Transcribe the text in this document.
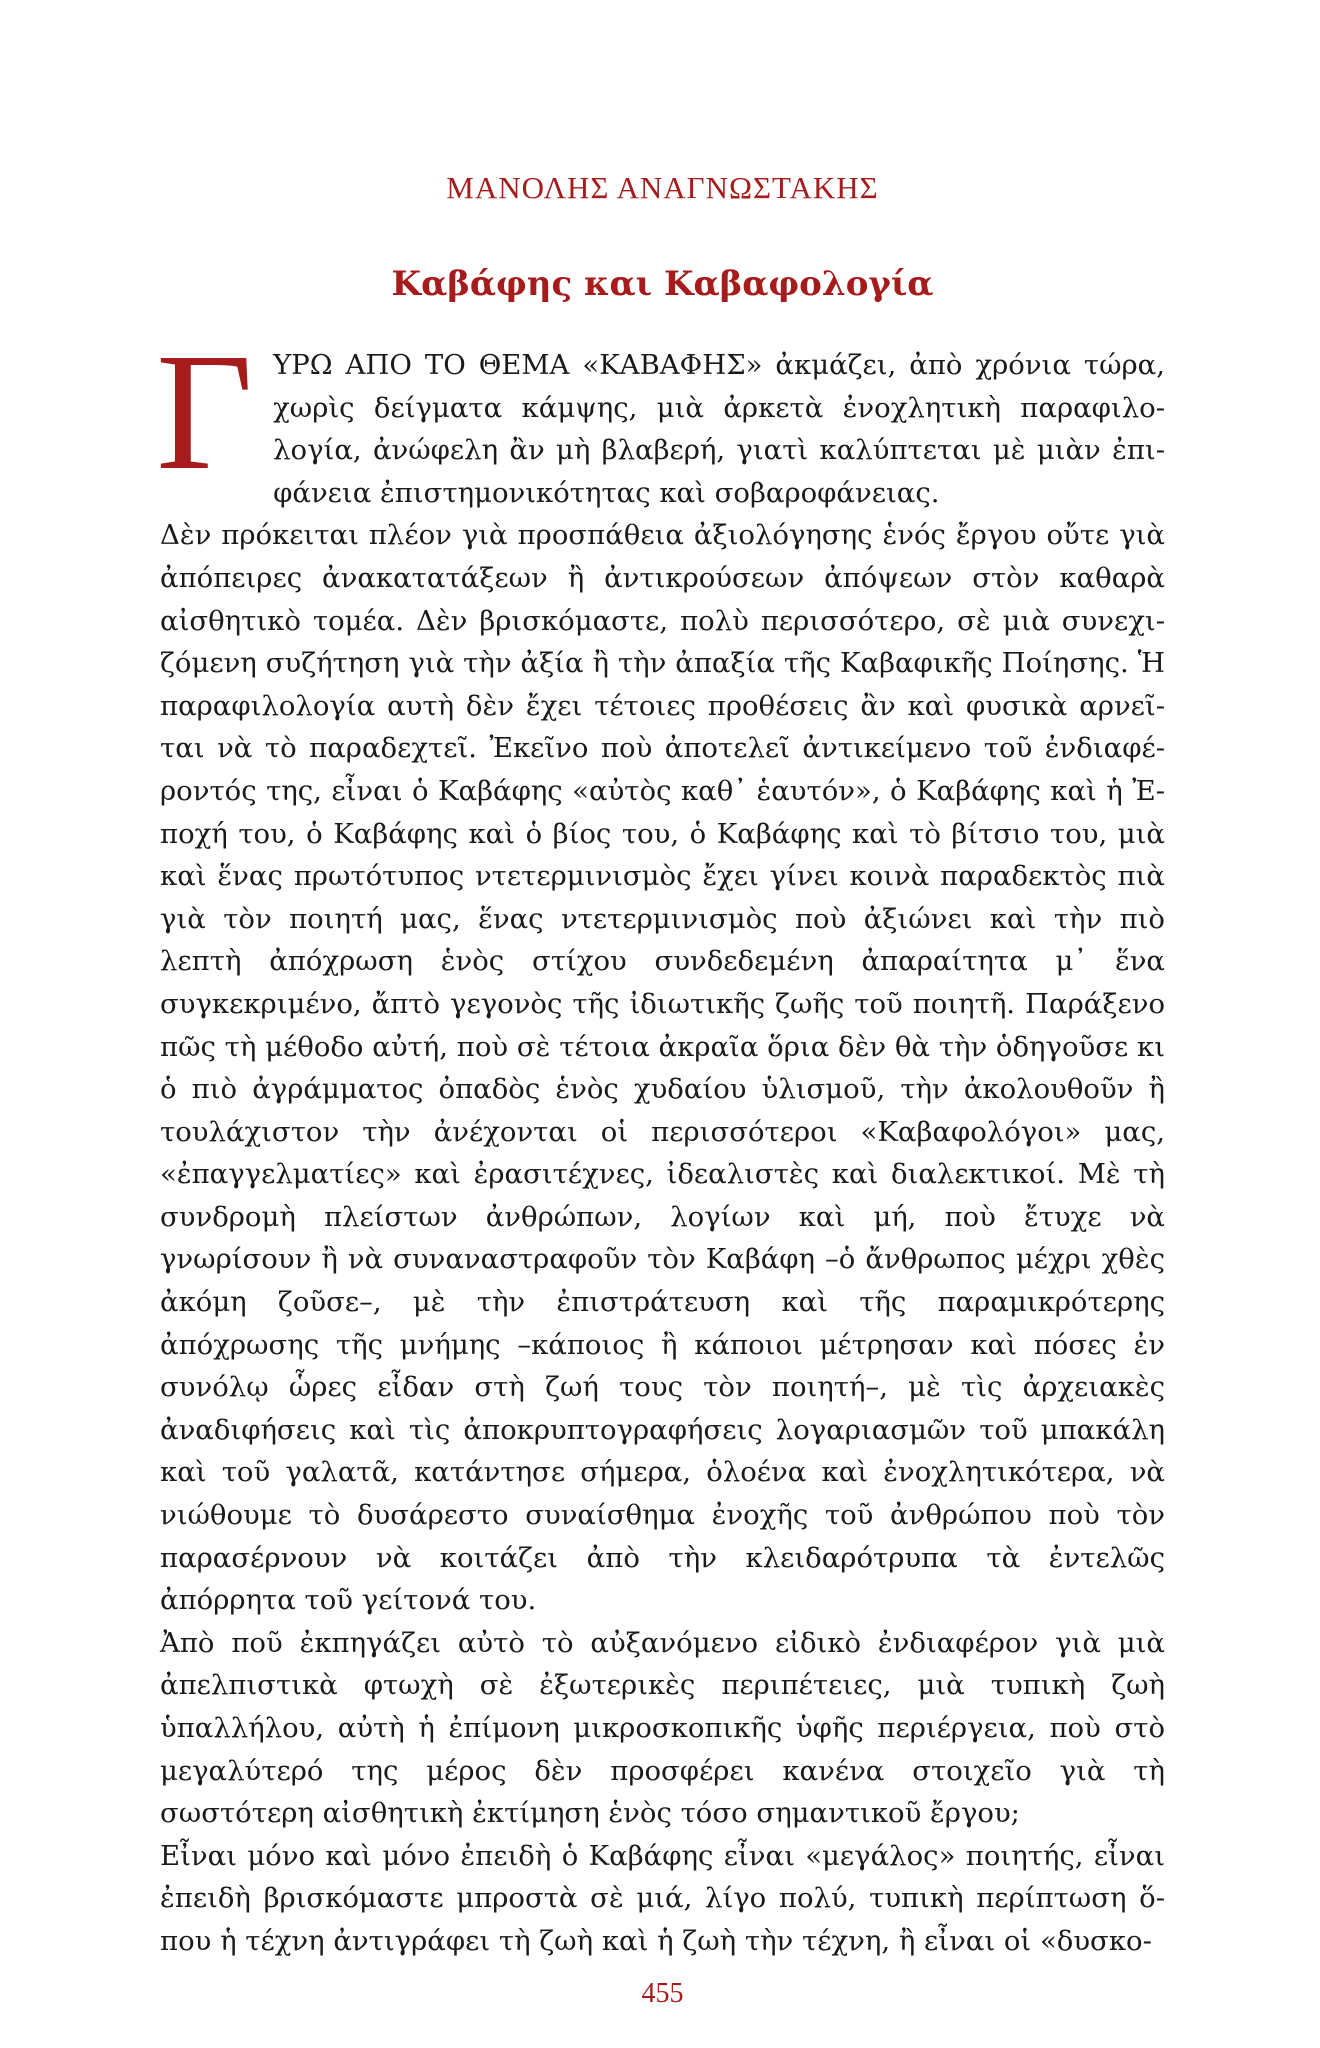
ΜΑΝΟΛΗΣ ΑΝΑΓΝΩΣΤΑΚΗΣ
Καβάφης και Καβαφολογία

ΓΥΡΩ ΑΠΟ ΤΟ ΘΕΜΑ «ΚΑΒΑΦΗΣ» ἀκμάζει, ἀπὸ χρόνια τώρα, χωρὶς δείγματα κάμψης, μιὰ ἀρκετὰ ἐνοχλητικὴ παραφιλολογία, ἀνώφελη ἂν μὴ βλαβερή, γιατὶ καλύπτεται μὲ μιὰν ἐπιφάνεια ἐπιστημονικότητας καὶ σοβαροφάνειας.

Δὲν πρόκειται πλέον γιὰ προσπάθεια ἀξιολόγησης ἑνός ἔργου οὔτε γιὰ ἀπόπειρες ἀνακατατάξεων ἢ ἀντικρούσεων ἀπόψεων στὸν καθαρὰ αἰσθητικὸ τομέα. Δὲν βρισκόμαστε, πολὺ περισσότερο, σὲ μιὰ συνεχιζόμενη συζήτηση γιὰ τὴν ἀξία ἢ τὴν ἀπαξία τῆς Καβαφικῆς Ποίησης. Ἡ παραφιλολογία αυτὴ δὲν ἔχει τέτοιες προθέσεις ἂν καὶ φυσικὰ αρνεῖται νὰ τὸ παραδεχτεῖ. Ἐκεῖνο ποὺ ἀποτελεῖ ἀντικείμενο τοῦ ἐνδιαφέροντός της, εἶναι ὁ Καβάφης «αὐτὸς καθ᾽ ἑαυτόν», ὁ Καβάφης καὶ ἡ Ἐποχή του, ὁ Καβάφης καὶ ὁ βίος του, ὁ Καβάφης καὶ τὸ βίτσιο του, μιὰ καὶ ἕνας πρωτότυπος ντετερμινισμὸς ἔχει γίνει κοινὰ παραδεκτὸς πιὰ γιὰ τὸν ποιητή μας, ἕνας ντετερμινισμὸς ποὺ ἀξιώνει καὶ τὴν πιὸ λεπτὴ ἀπόχρωση ἑνὸς στίχου συνδεδεμένη ἀπαραίτητα μ᾽ ἕνα συγκεκριμένο, ἄπτὸ γεγονὸς τῆς ἰδιωτικῆς ζωῆς τοῦ ποιητῆ. Παράξενο πῶς τὴ μέθοδο αὐτή, ποὺ σὲ τέτοια ἀκραῖα ὅρια δὲν θὰ τὴν ὁδηγοῦσε κι ὁ πιὸ ἀγράμματος ὀπαδὸς ἑνὸς χυδαίου ὑλισμοῦ, τὴν ἀκολουθοῦν ἢ τουλάχιστον τὴν ἀνέχονται οἱ περισσότεροι «Καβαφολόγοι» μας, «ἐπαγγελματίες» καὶ ἐρασιτέχνες, ἰδεαλιστὲς καὶ διαλεκτικοί. Μὲ τὴ συνδρομὴ πλείστων ἀνθρώπων, λογίων καὶ μή, ποὺ ἔτυχε νὰ γνωρίσουν ἢ νὰ συναναστραφοῦν τὸν Καβάφη –ὁ ἄνθρωπος μέχρι χθὲς ἀκόμη ζοῦσε–, μὲ τὴν ἐπιστράτευση καὶ τῆς παραμικρότερης ἀπόχρωσης τῆς μνήμης –κάποιος ἢ κάποιοι μέτρησαν καὶ πόσες ἐν συνόλῳ ὧρες εἶδαν στὴ ζωή τους τὸν ποιητή–, μὲ τὶς ἀρχειακὲς ἀναδιφήσεις καὶ τὶς ἀποκρυπτογραφήσεις λογαριασμῶν τοῦ μπακάλη καὶ τοῦ γαλατᾶ, κατάντησε σήμερα, ὁλοένα καὶ ἐνοχλητικότερα, νὰ νιώθουμε τὸ δυσάρεστο συναίσθημα ἐνοχῆς τοῦ ἀνθρώπου ποὺ τὸν παρασέρνουν νὰ κοιτάζει ἀπὸ τὴν κλειδαρότρυπα τὰ ἐντελῶς ἀπόρρητα τοῦ γείτονά του.

Ἀπὸ ποῦ ἐκπηγάζει αὐτὸ τὸ αὐξανόμενο εἰδικὸ ἐνδιαφέρον γιὰ μιὰ ἀπελπιστικὰ φτωχὴ σὲ ἐξωτερικὲς περιπέτειες, μιὰ τυπικὴ ζωὴ ὑπαλλήλου, αὐτὴ ἡ ἐπίμονη μικροσκοπικῆς ὑφῆς περιέργεια, ποὺ στὸ μεγαλύτερό της μέρος δὲν προσφέρει κανένα στοιχεῖο γιὰ τὴ σωστότερη αἰσθητικὴ ἐκτίμηση ἑνὸς τόσο σημαντικοῦ ἔργου;

Εἶναι μόνο καὶ μόνο ἐπειδὴ ὁ Καβάφης εἶναι «μεγάλος» ποιητής, εἶναι ἐπειδὴ βρισκόμαστε μπροστὰ σὲ μιά, λίγο πολύ, τυπικὴ περίπτωση ὅπου ἡ τέχνη ἀντιγράφει τὴ ζωὴ καὶ ἡ ζωὴ τὴν τέχνη, ἢ εἶναι οἱ «δυσκο-

455
